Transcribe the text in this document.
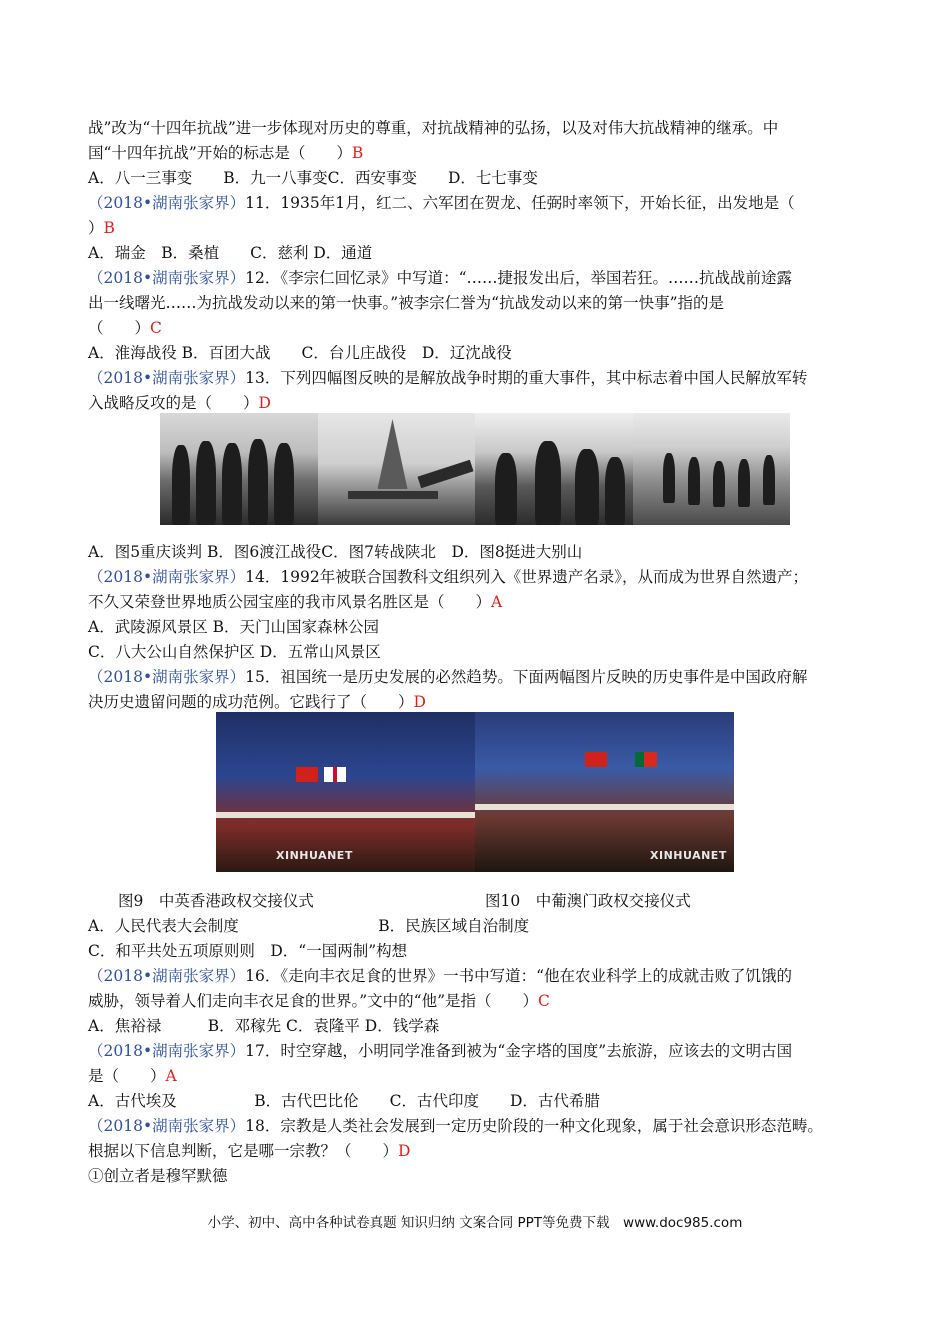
战”改为“十四年抗战”进一步体现对历史的尊重，对抗战精神的弘扬，以及对伟大抗战精神的继承。中
国“十四年抗战”开始的标志是（　　）B
A．八一三事变　　B．九一八事变C．西安事变　　D．七七事变
（2018•湖南张家界）11．1935年1月，红二、六军团在贺龙、任弼时率领下，开始长征，出发地是（
）B
A．瑞金　B．桑植　　C．慈利 D．通道
（2018•湖南张家界）12．《李宗仁回忆录》中写道：“……捷报发出后，举国若狂。……抗战战前途露
出一线曙光……为抗战发动以来的第一快事。”被李宗仁誉为“抗战发动以来的第一快事”指的是
（　　）C
A．淮海战役 B．百团大战　　C．台儿庄战役　D．辽沈战役
（2018•湖南张家界）13．下列四幅图反映的是解放战争时期的重大事件，其中标志着中国人民解放军转
入战略反攻的是（　　）D
A．图5重庆谈判 B．图6渡江战役C．图7转战陕北　D．图8挺进大别山
（2018•湖南张家界）14．1992年被联合国教科文组织列入《世界遗产名录》，从而成为世界自然遗产；
不久又荣登世界地质公园宝座的我市风景名胜区是（　　）A
A．武陵源风景区 B．天门山国家森林公园
C．八大公山自然保护区 D．五常山风景区
（2018•湖南张家界）15．祖国统一是历史发展的必然趋势。下面两幅图片反映的历史事件是中国政府解
决历史遗留问题的成功范例。它践行了（　　）D
XINHUANET	XINHUANET
图9　中英香港政权交接仪式	图10　中葡澳门政权交接仪式
A．人民代表大会制度　　　　　　　　　B．民族区域自治制度
C．和平共处五项原则则　D．“一国两制”构想
（2018•湖南张家界）16．《走向丰衣足食的世界》一书中写道：“他在农业科学上的成就击败了饥饿的
威胁，领导着人们走向丰衣足食的世界。”文中的“他”是指（　　）C
A．焦裕禄　　　B．邓稼先 C．袁隆平 D．钱学森
（2018•湖南张家界）17．时空穿越，小明同学准备到被为“金字塔的国度”去旅游，应该去的文明古国
是（　　）A
A．古代埃及　　　　　B．古代巴比伦　　C．古代印度　　D．古代希腊
（2018•湖南张家界）18．宗教是人类社会发展到一定历史阶段的一种文化现象，属于社会意识形态范畴。
根据以下信息判断，它是哪一宗教？（　　）D
①创立者是穆罕默德
小学、初中、高中各种试卷真题 知识归纳 文案合同 PPT等免费下载　www.doc985.com
